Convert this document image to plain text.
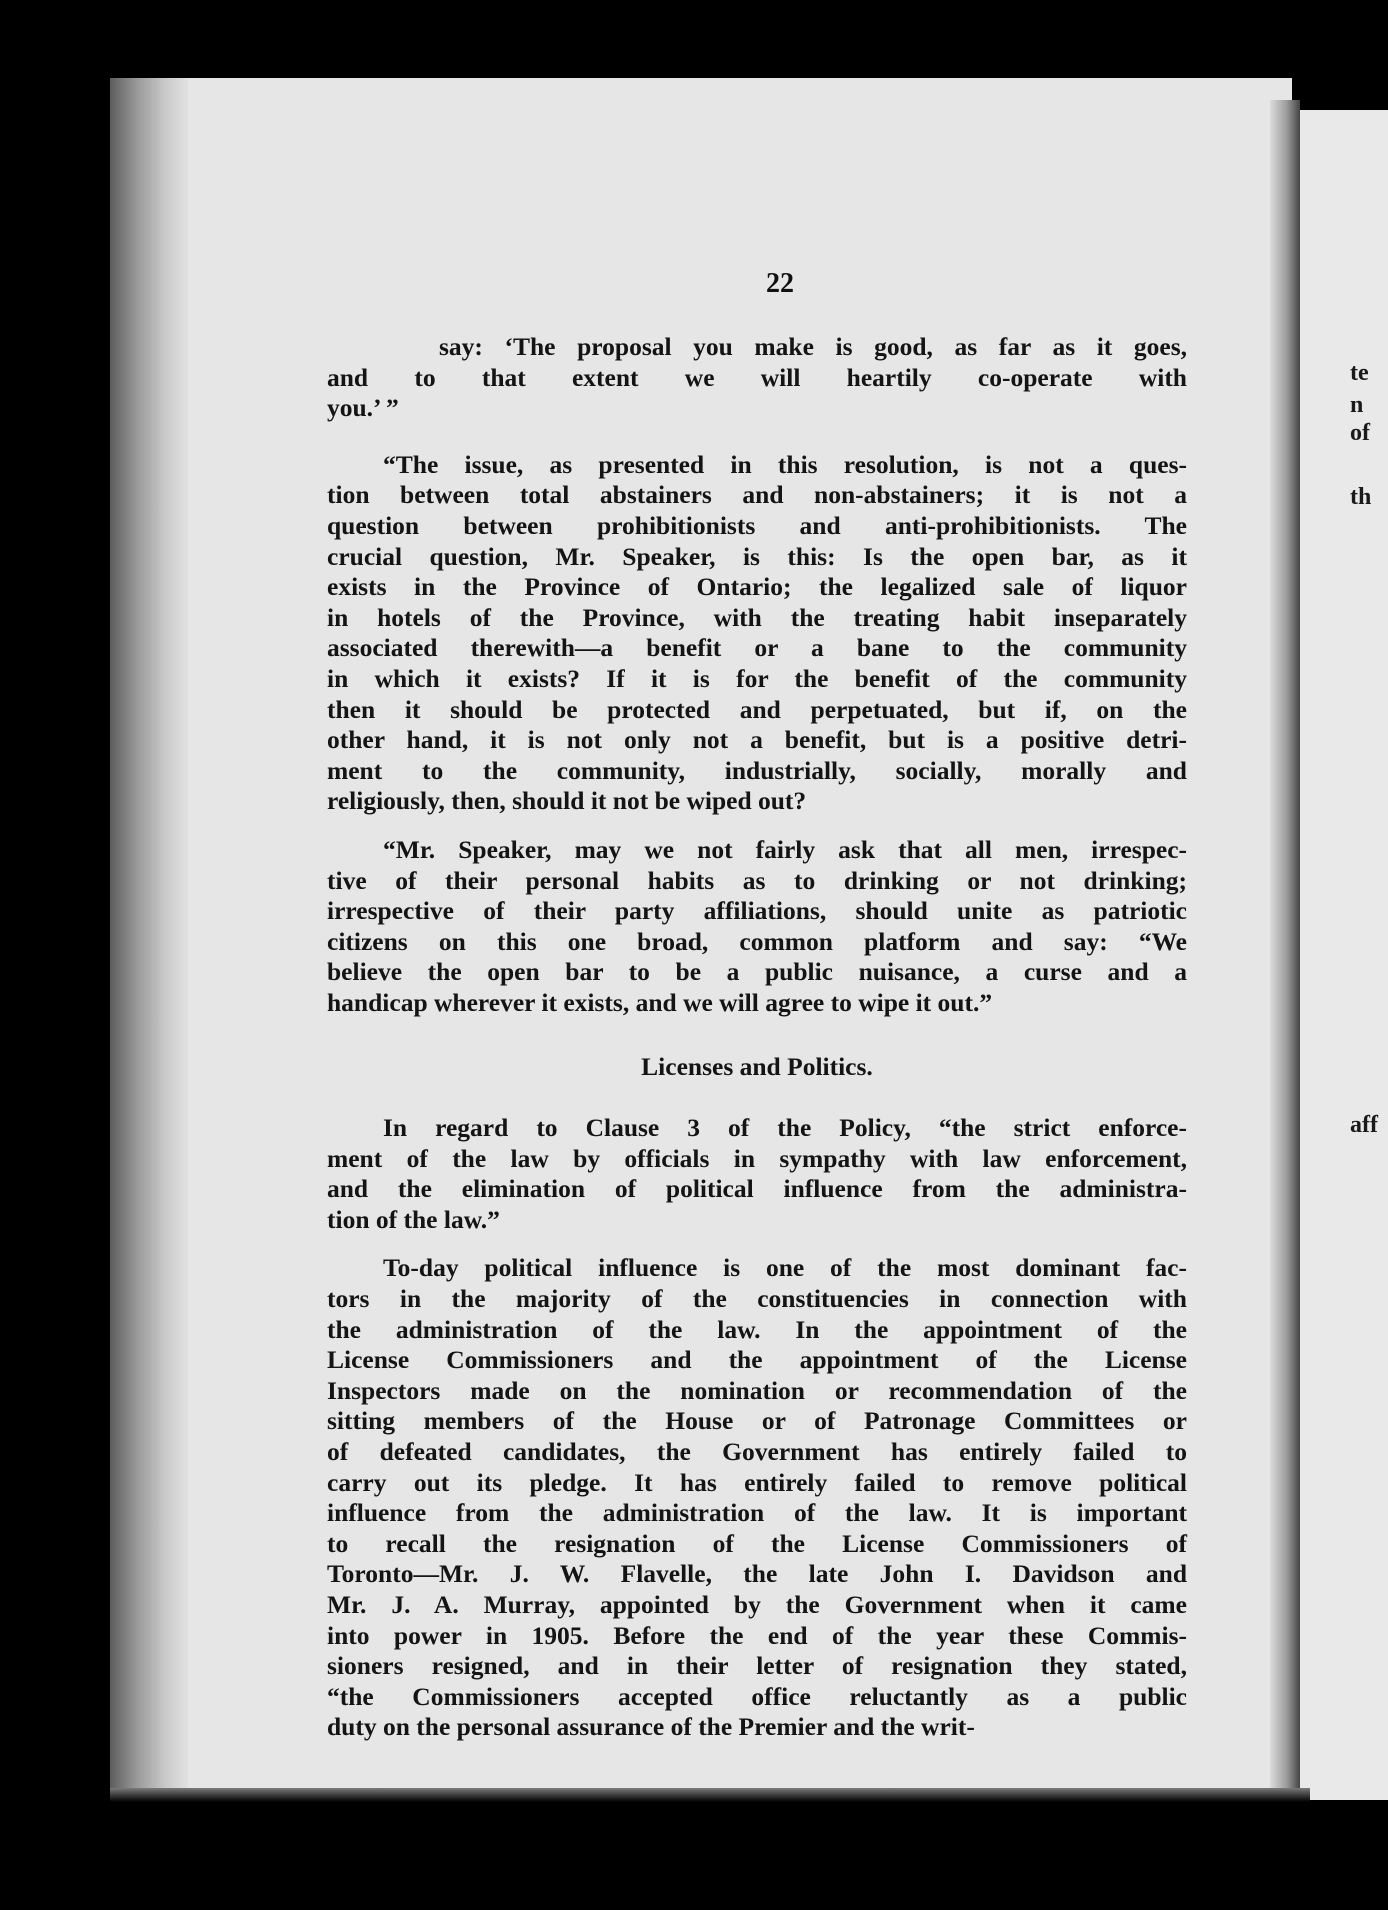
te
n
of
th
aff
22
say: ‘The proposal you make is good, as far as it goes,
and to that extent we will heartily co-operate with
you.’ ”
“The issue, as presented in this resolution, is not a ques-
tion between total abstainers and non-abstainers; it is not a
question between prohibitionists and anti-prohibitionists. The
crucial question, Mr. Speaker, is this: Is the open bar, as it
exists in the Province of Ontario; the legalized sale of liquor
in hotels of the Province, with the treating habit inseparately
associated therewith—a benefit or a bane to the community
in which it exists? If it is for the benefit of the community
then it should be protected and perpetuated, but if, on the
other hand, it is not only not a benefit, but is a positive detri-
ment to the community, industrially, socially, morally and
religiously, then, should it not be wiped out?
“Mr. Speaker, may we not fairly ask that all men, irrespec-
tive of their personal habits as to drinking or not drinking;
irrespective of their party affiliations, should unite as patriotic
citizens on this one broad, common platform and say: “We
believe the open bar to be a public nuisance, a curse and a
handicap wherever it exists, and we will agree to wipe it out.”
Licenses and Politics.
In regard to Clause 3 of the Policy, “the strict enforce-
ment of the law by officials in sympathy with law enforcement,
and the elimination of political influence from the administra-
tion of the law.”
To-day political influence is one of the most dominant fac-
tors in the majority of the constituencies in connection with
the administration of the law. In the appointment of the
License Commissioners and the appointment of the License
Inspectors made on the nomination or recommendation of the
sitting members of the House or of Patronage Committees or
of defeated candidates, the Government has entirely failed to
carry out its pledge. It has entirely failed to remove political
influence from the administration of the law. It is important
to recall the resignation of the License Commissioners of
Toronto—Mr. J. W. Flavelle, the late John I. Davidson and
Mr. J. A. Murray, appointed by the Government when it came
into power in 1905. Before the end of the year these Commis-
sioners resigned, and in their letter of resignation they stated,
“the Commissioners accepted office reluctantly as a public
duty on the personal assurance of the Premier and the writ-
